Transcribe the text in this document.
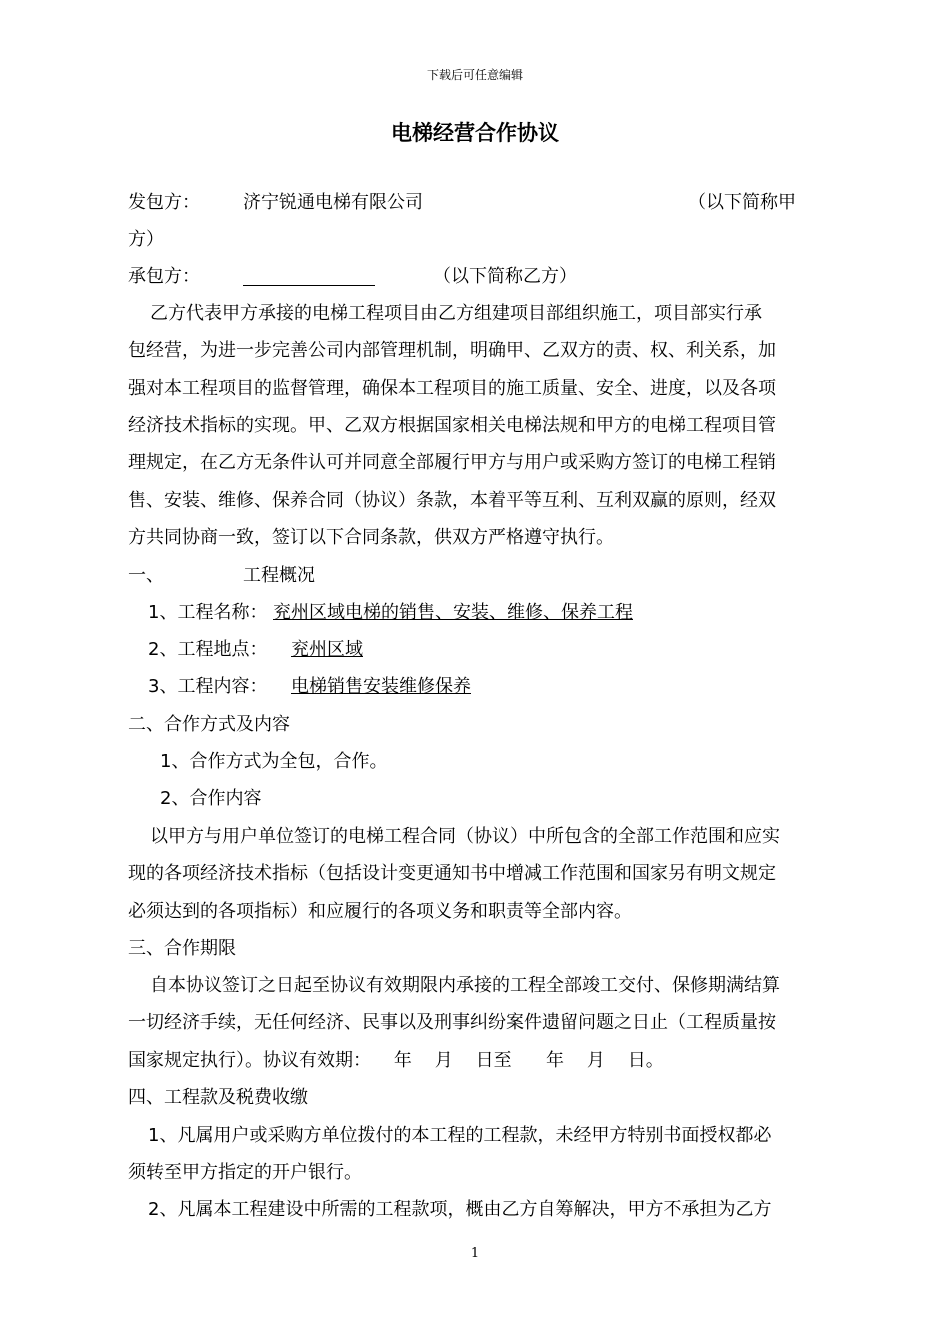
下载后可任意编辑
电梯经营合作协议
发包方： 济宁锐通电梯有限公司	（以下简称甲
方）
承包方：	（以下简称乙方）
乙方代表甲方承接的电梯工程项目由乙方组建项目部组织施工，项目部实行承
包经营，为进一步完善公司内部管理机制，明确甲、乙双方的责、权、利关系，加
强对本工程项目的监督管理，确保本工程项目的施工质量、安全、进度，以及各项
经济技术指标的实现。甲、乙双方根据国家相关电梯法规和甲方的电梯工程项目管
理规定，在乙方无条件认可并同意全部履行甲方与用户或采购方签订的电梯工程销
售、安装、维修、保养合同（协议）条款，本着平等互利、互利双赢的原则，经双
方共同协商一致，签订以下合同条款，供双方严格遵守执行。
一、	工程概况
1、工程名称： 兖州区域电梯的销售、安装、维修、保养工程
2、工程地点： 兖州区域
3、工程内容： 电梯销售安装维修保养
二、合作方式及内容
1、合作方式为全包，合作。
2、合作内容
以甲方与用户单位签订的电梯工程合同（协议）中所包含的全部工作范围和应实
现的各项经济技术指标（包括设计变更通知书中增减工作范围和国家另有明文规定
必须达到的各项指标）和应履行的各项义务和职责等全部内容。
三、合作期限
自本协议签订之日起至协议有效期限内承接的工程全部竣工交付、保修期满结算
一切经济手续，无任何经济、民事以及刑事纠纷案件遗留问题之日止（工程质量按
国家规定执行）。协议有效期：    年    月    日至      年    月    日。
四、工程款及税费收缴
1、凡属用户或采购方单位拨付的本工程的工程款，未经甲方特别书面授权都必
须转至甲方指定的开户银行。
2、凡属本工程建设中所需的工程款项，概由乙方自筹解决，甲方不承担为乙方
1
